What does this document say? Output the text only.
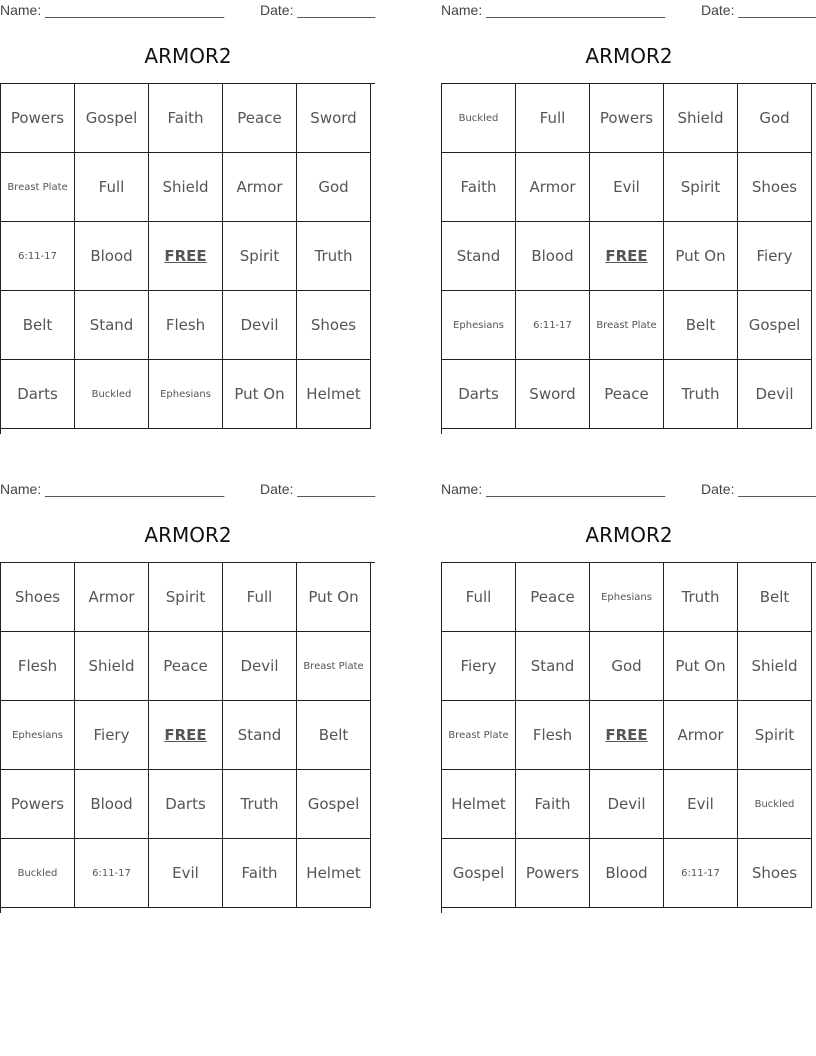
Name: _______________________	Date: __________
ARMOR2
Powers	Gospel	Faith	Peace	Sword
Breast Plate	Full	Shield	Armor	God
6:11-17	Blood	FREE	Spirit	Truth
Belt	Stand	Flesh	Devil	Shoes
Darts	Buckled	Ephesians	Put On	Helmet
Name: _______________________	Date: __________
ARMOR2
Buckled	Full	Powers	Shield	God
Faith	Armor	Evil	Spirit	Shoes
Stand	Blood	FREE	Put On	Fiery
Ephesians	6:11-17	Breast Plate	Belt	Gospel
Darts	Sword	Peace	Truth	Devil
Name: _______________________	Date: __________
ARMOR2
Shoes	Armor	Spirit	Full	Put On
Flesh	Shield	Peace	Devil	Breast Plate
Ephesians	Fiery	FREE	Stand	Belt
Powers	Blood	Darts	Truth	Gospel
Buckled	6:11-17	Evil	Faith	Helmet
Name: _______________________	Date: __________
ARMOR2
Full	Peace	Ephesians	Truth	Belt
Fiery	Stand	God	Put On	Shield
Breast Plate	Flesh	FREE	Armor	Spirit
Helmet	Faith	Devil	Evil	Buckled
Gospel	Powers	Blood	6:11-17	Shoes
